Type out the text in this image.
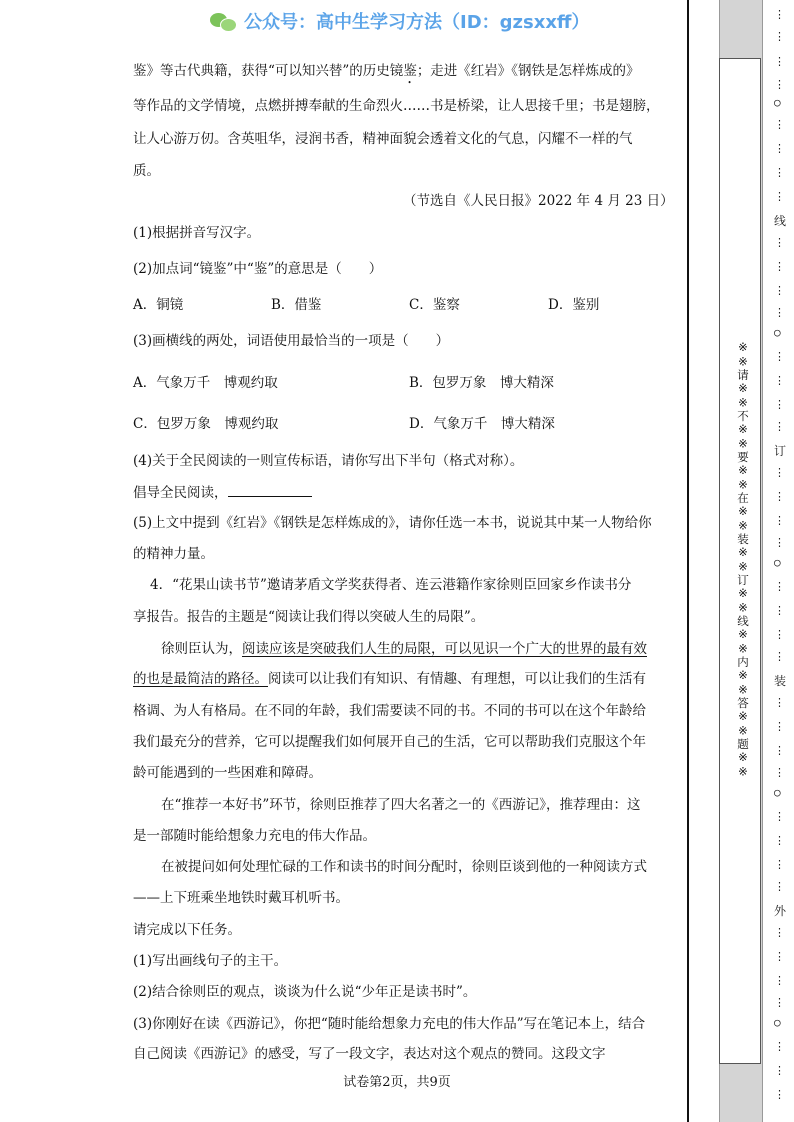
公众号：高中生学习方法（ID：gzsxxff）
鉴》等古代典籍，获得“可以知兴替”的历史镜鉴；走进《红岩》《钢铁是怎样炼成的》
等作品的文学情境，点燃拼搏奉献的生命烈火……书是桥梁，让人思接千里；书是翅膀，
让人心游万仞。含英咀华，浸润书香，精神面貌会透着文化的气息，闪耀不一样的气
质。
（节选自《人民日报》2022 年 4 月 23 日）
(1)根据拼音写汉字。
(2)加点词“镜鉴”中“鉴”的意思是（　　）
A．铜镜	B．借鉴	C．鉴察	D．鉴别
(3)画横线的两处，词语使用最恰当的一项是（　　）
A．气象万千　博观约取	B．包罗万象　博大精深
C．包罗万象　博观约取	D．气象万千　博大精深
(4)关于全民阅读的一则宣传标语，请你写出下半句（格式对称）。
倡导全民阅读，
(5)上文中提到《红岩》《钢铁是怎样炼成的》，请你任选一本书，说说其中某一人物给你
的精神力量。
4．“花果山读书节”邀请茅盾文学奖获得者、连云港籍作家徐则臣回家乡作读书分
享报告。报告的主题是“阅读让我们得以突破人生的局限”。
徐则臣认为，阅读应该是突破我们人生的局限，可以见识一个广大的世界的最有效
的也是最简洁的路径。阅读可以让我们有知识、有情趣、有理想，可以让我们的生活有
格调、为人有格局。在不同的年龄，我们需要读不同的书。不同的书可以在这个年龄给
我们最充分的营养，它可以提醒我们如何展开自己的生活，它可以帮助我们克服这个年
龄可能遇到的一些困难和障碍。
在“推荐一本好书”环节，徐则臣推荐了四大名著之一的《西游记》，推荐理由：这
是一部随时能给想象力充电的伟大作品。
在被提问如何处理忙碌的工作和读书的时间分配时，徐则臣谈到他的一种阅读方式
——上下班乘坐地铁时戴耳机听书。
请完成以下任务。
(1)写出画线句子的主干。
(2)结合徐则臣的观点，谈谈为什么说“少年正是读书时”。
(3)你刚好在读《西游记》，你把“随时能给想象力充电的伟大作品”写在笔记本上，结合
自己阅读《西游记》的感受，写了一段文字，表达对这个观点的赞同。这段文字
试卷第2页，共9页
※※请※※不※※要※※在※※装※※订※※线※※内※※答※※题※※
⋮
⋮
⋮
⋮
○
⋮
⋮
⋮
⋮
线
⋮
⋮
⋮
⋮
○
⋮
⋮
⋮
⋮
订
⋮
⋮
⋮
⋮
○
⋮
⋮
⋮
⋮
装
⋮
⋮
⋮
⋮
○
⋮
⋮
⋮
⋮
外
⋮
⋮
⋮
⋮
○
⋮
⋮
⋮
